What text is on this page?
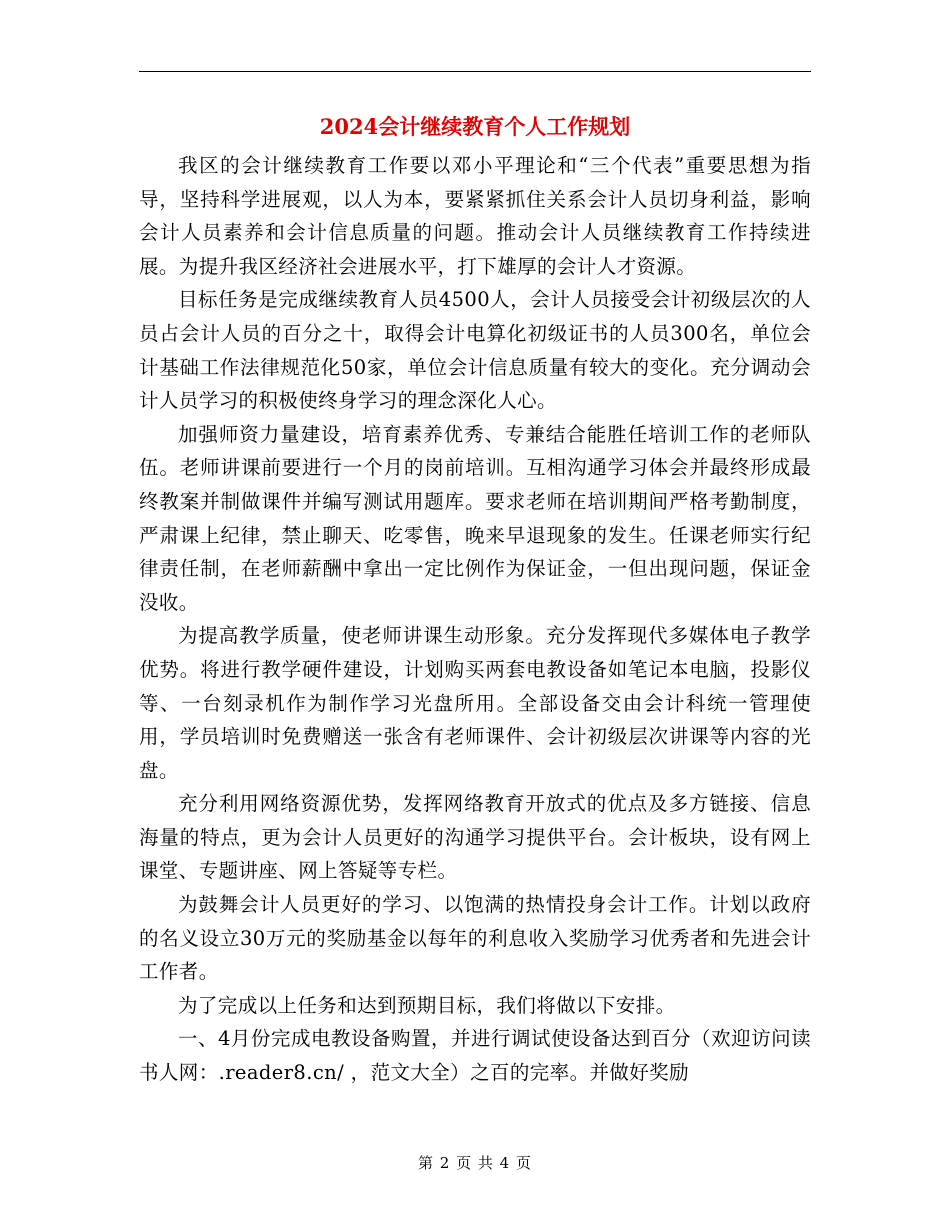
2024会计继续教育个人工作规划

我区的会计继续教育工作要以邓小平理论和“三个代表”重要思想为指导，坚持科学进展观，以人为本，要紧紧抓住关系会计人员切身利益，影响会计人员素养和会计信息质量的问题。推动会计人员继续教育工作持续进展。为提升我区经济社会进展水平，打下雄厚的会计人才资源。

目标任务是完成继续教育人员4500人，会计人员接受会计初级层次的人员占会计人员的百分之十，取得会计电算化初级证书的人员300名，单位会计基础工作法律规范化50家，单位会计信息质量有较大的变化。充分调动会计人员学习的积极使终身学习的理念深化人心。

加强师资力量建设，培育素养优秀、专兼结合能胜任培训工作的老师队伍。老师讲课前要进行一个月的岗前培训。互相沟通学习体会并最终形成最终教案并制做课件并编写测试用题库。要求老师在培训期间严格考勤制度，严肃课上纪律，禁止聊天、吃零售，晚来早退现象的发生。任课老师实行纪律责任制，在老师薪酬中拿出一定比例作为保证金，一但出现问题，保证金没收。

为提高教学质量，使老师讲课生动形象。充分发挥现代多媒体电子教学优势。将进行教学硬件建设，计划购买两套电教设备如笔记本电脑，投影仪等、一台刻录机作为制作学习光盘所用。全部设备交由会计科统一管理使用，学员培训时免费赠送一张含有老师课件、会计初级层次讲课等内容的光盘。

充分利用网络资源优势，发挥网络教育开放式的优点及多方链接、信息海量的特点，更为会计人员更好的沟通学习提供平台。会计板块，设有网上课堂、专题讲座、网上答疑等专栏。

为鼓舞会计人员更好的学习、以饱满的热情投身会计工作。计划以政府的名义设立30万元的奖励基金以每年的利息收入奖励学习优秀者和先进会计工作者。

为了完成以上任务和达到预期目标，我们将做以下安排。

一、4月份完成电教设备购置，并进行调试使设备达到百分（欢迎访问读书人网：.reader8.cn/ ，范文大全）之百的完率。并做好奖励

第 2 页 共 4 页
